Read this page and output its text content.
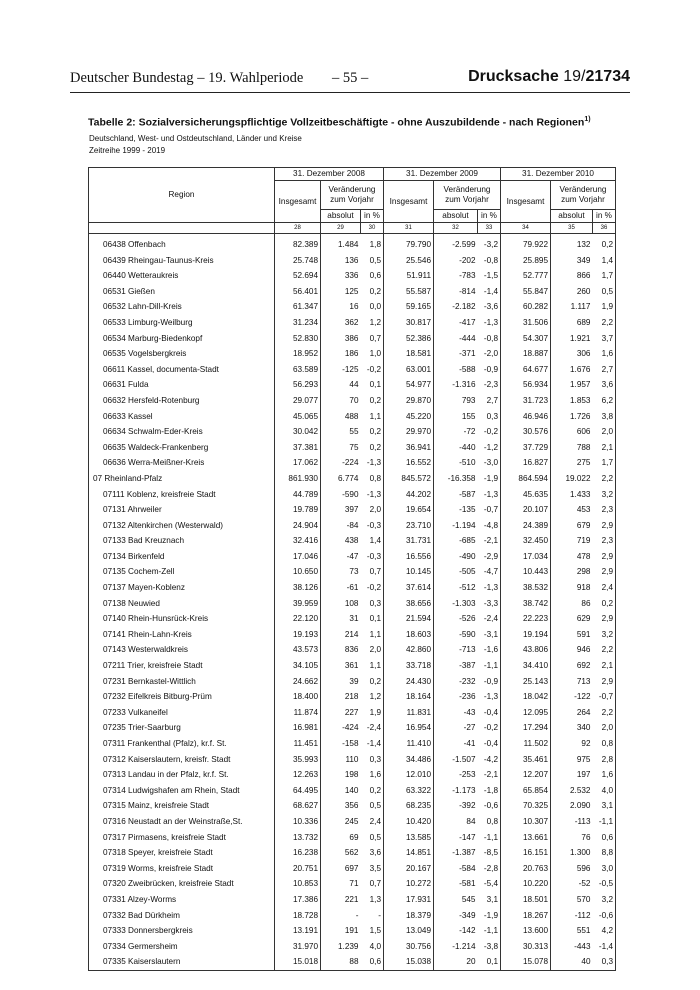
Deutscher Bundestag – 19. Wahlperiode – 55 –	Drucksache 19/21734
Tabelle 2: Sozialversicherungspflichtige Vollzeitbeschäftigte - ohne Auszubildende - nach Regionen$^{1)}$
Deutschland, West- und Ostdeutschland, Länder und Kreise
Zeitreihe 1999 - 2019
Region	31. Dezember 2008			31. Dezember 2009			31. Dezember 2010		
	Insgesamt	Veränderung zum Vorjahr		Insgesamt	Veränderung zum Vorjahr		Insgesamt	Veränderung zum Vorjahr	
		absolut	in %		absolut	in %		absolut	in %
	28	29	30	31	32	33	34	35	36
06438 Offenbach	82.389	1.484	1,8	79.790	-2.599	-3,2	79.922	132	0,2
06439 Rheingau-Taunus-Kreis	25.748	136	0,5	25.546	-202	-0,8	25.895	349	1,4
06440 Wetteraukreis	52.694	336	0,6	51.911	-783	-1,5	52.777	866	1,7
06531 Gießen	56.401	125	0,2	55.587	-814	-1,4	55.847	260	0,5
06532 Lahn-Dill-Kreis	61.347	16	0,0	59.165	-2.182	-3,6	60.282	1.117	1,9
06533 Limburg-Weilburg	31.234	362	1,2	30.817	-417	-1,3	31.506	689	2,2
06534 Marburg-Biedenkopf	52.830	386	0,7	52.386	-444	-0,8	54.307	1.921	3,7
06535 Vogelsbergkreis	18.952	186	1,0	18.581	-371	-2,0	18.887	306	1,6
06611 Kassel, documenta-Stadt	63.589	-125	-0,2	63.001	-588	-0,9	64.677	1.676	2,7
06631 Fulda	56.293	44	0,1	54.977	-1.316	-2,3	56.934	1.957	3,6
06632 Hersfeld-Rotenburg	29.077	70	0,2	29.870	793	2,7	31.723	1.853	6,2
06633 Kassel	45.065	488	1,1	45.220	155	0,3	46.946	1.726	3,8
06634 Schwalm-Eder-Kreis	30.042	55	0,2	29.970	-72	-0,2	30.576	606	2,0
06635 Waldeck-Frankenberg	37.381	75	0,2	36.941	-440	-1,2	37.729	788	2,1
06636 Werra-Meißner-Kreis	17.062	-224	-1,3	16.552	-510	-3,0	16.827	275	1,7
07 Rheinland-Pfalz	861.930	6.774	0,8	845.572	-16.358	-1,9	864.594	19.022	2,2
07111 Koblenz, kreisfreie Stadt	44.789	-590	-1,3	44.202	-587	-1,3	45.635	1.433	3,2
07131 Ahrweiler	19.789	397	2,0	19.654	-135	-0,7	20.107	453	2,3
07132 Altenkirchen (Westerwald)	24.904	-84	-0,3	23.710	-1.194	-4,8	24.389	679	2,9
07133 Bad Kreuznach	32.416	438	1,4	31.731	-685	-2,1	32.450	719	2,3
07134 Birkenfeld	17.046	-47	-0,3	16.556	-490	-2,9	17.034	478	2,9
07135 Cochem-Zell	10.650	73	0,7	10.145	-505	-4,7	10.443	298	2,9
07137 Mayen-Koblenz	38.126	-61	-0,2	37.614	-512	-1,3	38.532	918	2,4
07138 Neuwied	39.959	108	0,3	38.656	-1.303	-3,3	38.742	86	0,2
07140 Rhein-Hunsrück-Kreis	22.120	31	0,1	21.594	-526	-2,4	22.223	629	2,9
07141 Rhein-Lahn-Kreis	19.193	214	1,1	18.603	-590	-3,1	19.194	591	3,2
07143 Westerwaldkreis	43.573	836	2,0	42.860	-713	-1,6	43.806	946	2,2
07211 Trier, kreisfreie Stadt	34.105	361	1,1	33.718	-387	-1,1	34.410	692	2,1
07231 Bernkastel-Wittlich	24.662	39	0,2	24.430	-232	-0,9	25.143	713	2,9
07232 Eifelkreis Bitburg-Prüm	18.400	218	1,2	18.164	-236	-1,3	18.042	-122	-0,7
07233 Vulkaneifel	11.874	227	1,9	11.831	-43	-0,4	12.095	264	2,2
07235 Trier-Saarburg	16.981	-424	-2,4	16.954	-27	-0,2	17.294	340	2,0
07311 Frankenthal (Pfalz), kr.f. St.	11.451	-158	-1,4	11.410	-41	-0,4	11.502	92	0,8
07312 Kaiserslautern, kreisfr. Stadt	35.993	110	0,3	34.486	-1.507	-4,2	35.461	975	2,8
07313 Landau in der Pfalz, kr.f. St.	12.263	198	1,6	12.010	-253	-2,1	12.207	197	1,6
07314 Ludwigshafen am Rhein, Stadt	64.495	140	0,2	63.322	-1.173	-1,8	65.854	2.532	4,0
07315 Mainz, kreisfreie Stadt	68.627	356	0,5	68.235	-392	-0,6	70.325	2.090	3,1
07316 Neustadt an der Weinstraße,St.	10.336	245	2,4	10.420	84	0,8	10.307	-113	-1,1
07317 Pirmasens, kreisfreie Stadt	13.732	69	0,5	13.585	-147	-1,1	13.661	76	0,6
07318 Speyer, kreisfreie Stadt	16.238	562	3,6	14.851	-1.387	-8,5	16.151	1.300	8,8
07319 Worms, kreisfreie Stadt	20.751	697	3,5	20.167	-584	-2,8	20.763	596	3,0
07320 Zweibrücken, kreisfreie Stadt	10.853	71	0,7	10.272	-581	-5,4	10.220	-52	-0,5
07331 Alzey-Worms	17.386	221	1,3	17.931	545	3,1	18.501	570	3,2
07332 Bad Dürkheim	18.728	-	-	18.379	-349	-1,9	18.267	-112	-0,6
07333 Donnersbergkreis	13.191	191	1,5	13.049	-142	-1,1	13.600	551	4,2
07334 Germersheim	31.970	1.239	4,0	30.756	-1.214	-3,8	30.313	-443	-1,4
07335 Kaiserslautern	15.018	88	0,6	15.038	20	0,1	15.078	40	0,3
